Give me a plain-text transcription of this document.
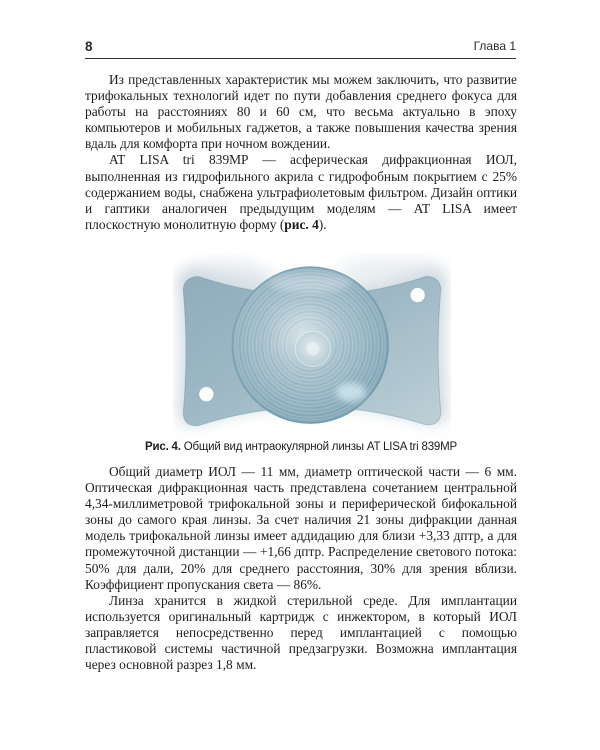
8	Глава 1

Из представленных характеристик мы можем заключить, что развитие трифокальных технологий идет по пути добавления среднего фокуса для работы на расстояниях 80 и 60 см, что весьма актуально в эпоху компьютеров и мобильных гаджетов, а также повышения качества зрения вдаль для комфорта при ночном вождении.

AT LISA tri 839MP — асферическая дифракционная ИОЛ, выполненная из гидрофильного акрила с гидрофобным покрытием с 25% содержанием воды, снабжена ультрафиолетовым фильтром. Дизайн оптики и гаптики аналогичен предыдущим моделям — AT LISA имеет плоскостную монолитную форму (рис. 4).

Рис. 4. Общий вид интраокулярной линзы AT LISA tri 839MP

Общий диаметр ИОЛ — 11 мм, диаметр оптической части — 6 мм. Оптическая дифракционная часть представлена сочетанием центральной 4,34-миллиметровой трифокальной зоны и периферической бифокальной зоны до самого края линзы. За счет наличия 21 зоны дифракции данная модель трифокальной линзы имеет аддидацию для близи +3,33 дптр, а для промежуточной дистанции — +1,66 дптр. Распределение светового потока: 50% для дали, 20% для среднего расстояния, 30% для зрения вблизи. Коэффициент пропускания света — 86%.

Линза хранится в жидкой стерильной среде. Для имплантации используется оригинальный картридж с инжектором, в который ИОЛ заправляется непосредственно перед имплантацией с помощью пластиковой системы частичной предзагрузки. Возможна имплантация через основной разрез 1,8 мм.
